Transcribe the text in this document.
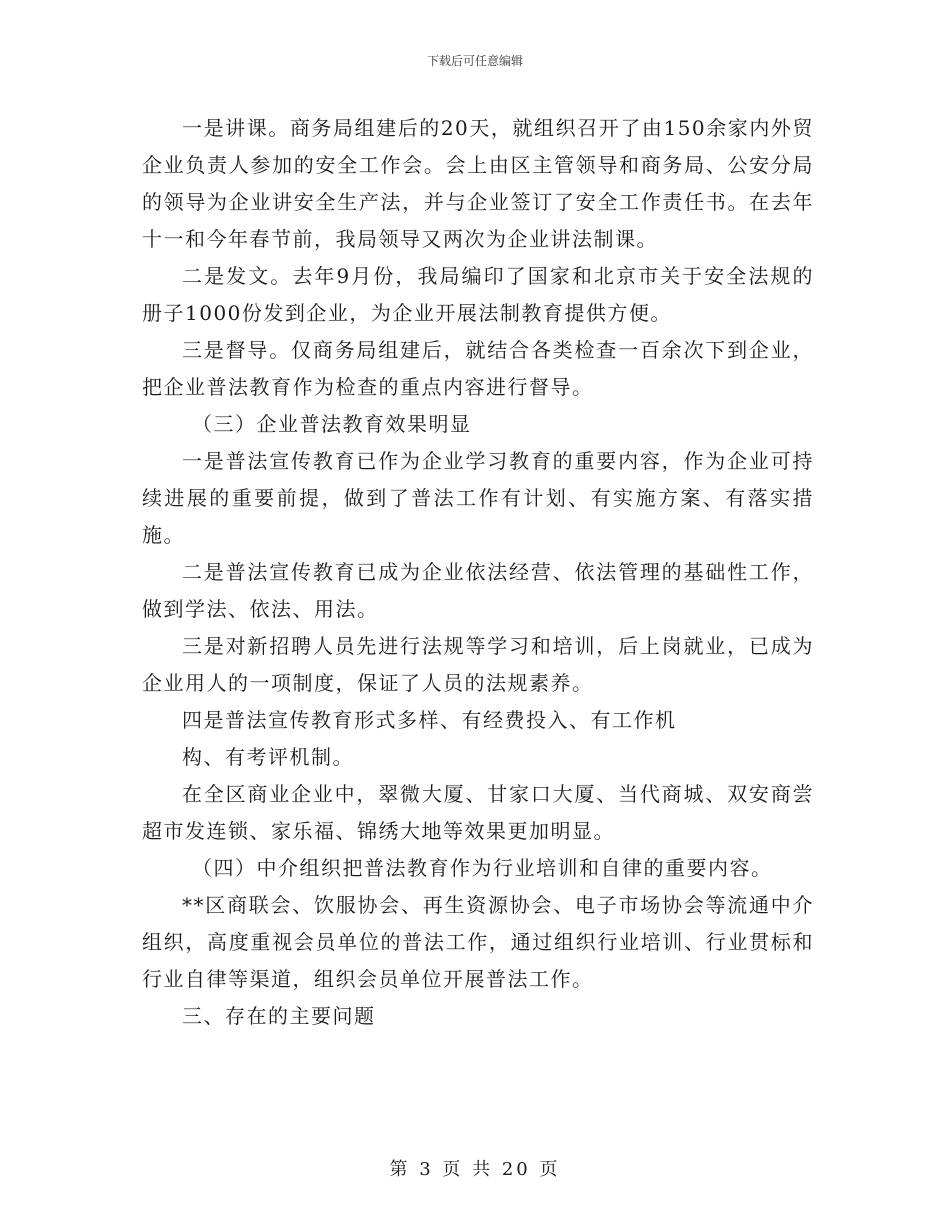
下载后可任意编辑

一是讲课。商务局组建后的20天，就组织召开了由150余家内外贸企业负责人参加的安全工作会。会上由区主管领导和商务局、公安分局的领导为企业讲安全生产法，并与企业签订了安全工作责任书。在去年十一和今年春节前，我局领导又两次为企业讲法制课。

二是发文。去年9月份，我局编印了国家和北京市关于安全法规的册子1000份发到企业，为企业开展法制教育提供方便。

三是督导。仅商务局组建后，就结合各类检查一百余次下到企业，把企业普法教育作为检查的重点内容进行督导。

（三）企业普法教育效果明显

一是普法宣传教育已作为企业学习教育的重要内容，作为企业可持续进展的重要前提，做到了普法工作有计划、有实施方案、有落实措施。

二是普法宣传教育已成为企业依法经营、依法管理的基础性工作，做到学法、依法、用法。

三是对新招聘人员先进行法规等学习和培训，后上岗就业，已成为企业用人的一项制度，保证了人员的法规素养。

四是普法宣传教育形式多样、有经费投入、有工作机

构、有考评机制。

在全区商业企业中，翠微大厦、甘家口大厦、当代商城、双安商尝超市发连锁、家乐福、锦绣大地等效果更加明显。

（四）中介组织把普法教育作为行业培训和自律的重要内容。

**区商联会、饮服协会、再生资源协会、电子市场协会等流通中介组织，高度重视会员单位的普法工作，通过组织行业培训、行业贯标和行业自律等渠道，组织会员单位开展普法工作。

三、存在的主要问题

第 3 页 共 20 页
